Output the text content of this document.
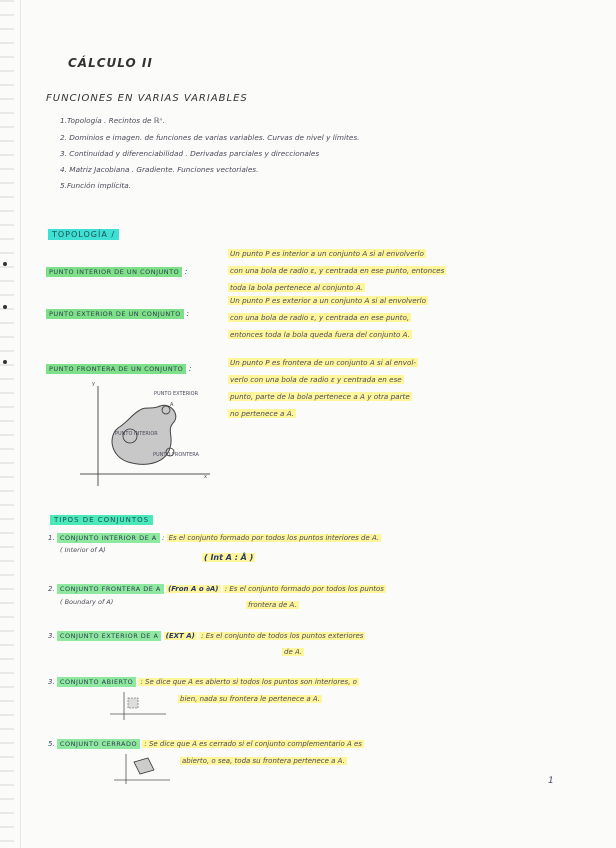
CÁLCULO II
FUNCIONES EN VARIAS VARIABLES
1.Topología . Recintos de ℝⁿ.
2. Dominios e imagen. de funciones de varias variables. Curvas de nivel y límites.
3. Continuidad y diferenciabilidad . Derivadas parciales y direccionales
4. Matriz Jacobiana . Gradiente. Funciones vectoriales.
5.Función implícita.
TOPOLOGÍA /
PUNTO INTERIOR DE UN CONJUNTO :
Un punto P es interior a un conjunto A si al envolverlo
con una bola de radio ε, y centrada en ese punto, entonces
toda la bola pertenece al conjunto A.
PUNTO EXTERIOR DE UN CONJUNTO :
Un punto P es exterior a un conjunto A si al envolverlo
con una bola de radio ε, y centrada en ese punto,
entonces toda la bola queda fuera del conjunto A.
PUNTO FRONTERA DE UN CONJUNTO :
Un punto P es frontera de un conjunto A si al envol-
verlo con una bola de radio ε y centrada en ese
punto, parte de la bola pertenece a A y otra parte
no pertenece a A.
PUNTO EXTERIOR
PUNTO INTERIOR
PUNTO FRONTERA
y
x
A
TIPOS DE CONJUNTOS
1. CONJUNTO INTERIOR DE A : Es el conjunto formado por todos los puntos interiores de A.
( Interior of A)
( Int A : Å )
2. CONJUNTO FRONTERA DE A (Fron A o ∂A) : Es el conjunto formado por todos los puntos
( Boundary of A)	frontera de A.
3. CONJUNTO EXTERIOR DE A (EXT A) : Es el conjunto de todos los puntos exteriores
de A.
3. CONJUNTO ABIERTO : Se dice que A es abierto si todos los puntos son interiores, o
bien, nada su frontera le pertenece a A.
5. CONJUNTO CERRADO : Se dice que A es cerrado si el conjunto complementario A es
abierto, o sea, toda su frontera pertenece a A.
1
